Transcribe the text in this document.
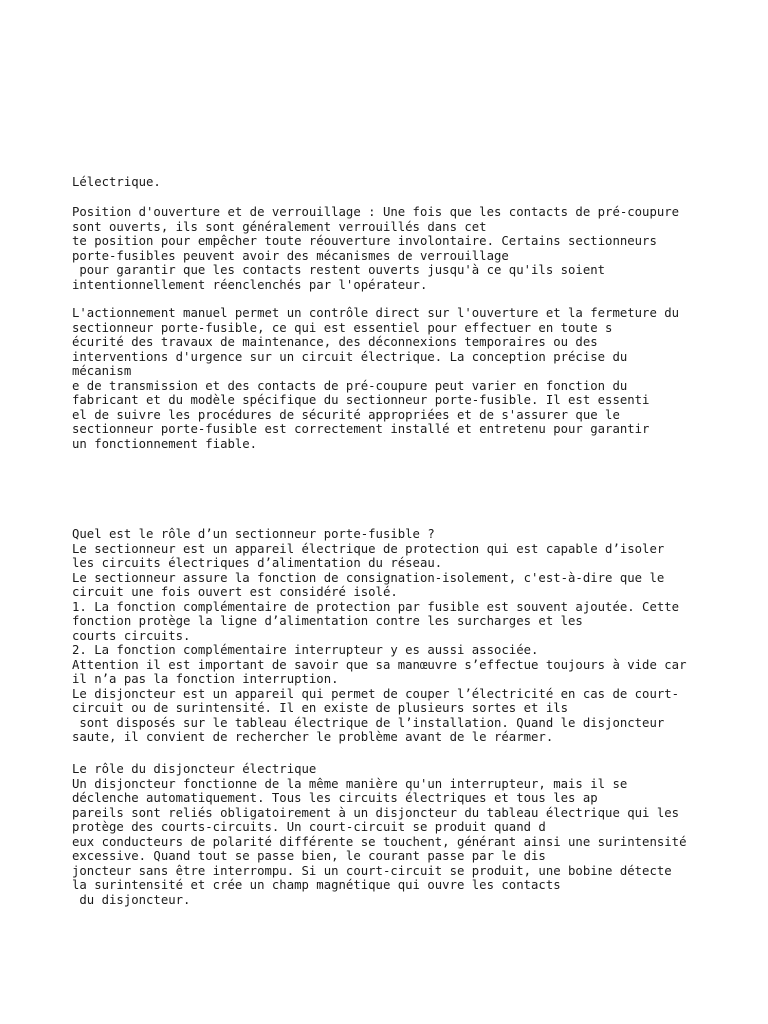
Lélectrique.
Position d'ouverture et de verrouillage : Une fois que les contacts de pré-coupure
sont ouverts, ils sont généralement verrouillés dans cet
te position pour empêcher toute réouverture involontaire. Certains sectionneurs
porte-fusibles peuvent avoir des mécanismes de verrouillage
pour garantir que les contacts restent ouverts jusqu'à ce qu'ils soient
intentionnellement réenclenchés par l'opérateur.
L'actionnement manuel permet un contrôle direct sur l'ouverture et la fermeture du
sectionneur porte-fusible, ce qui est essentiel pour effectuer en toute s
écurité des travaux de maintenance, des déconnexions temporaires ou des
interventions d'urgence sur un circuit électrique. La conception précise du
mécanism
e de transmission et des contacts de pré-coupure peut varier en fonction du
fabricant et du modèle spécifique du sectionneur porte-fusible. Il est essenti
el de suivre les procédures de sécurité appropriées et de s'assurer que le
sectionneur porte-fusible est correctement installé et entretenu pour garantir
un fonctionnement fiable.
Quel est le rôle d’un sectionneur porte-fusible ?
Le sectionneur est un appareil électrique de protection qui est capable d’isoler
les circuits électriques d’alimentation du réseau.
Le sectionneur assure la fonction de consignation-isolement, c'est-à-dire que le
circuit une fois ouvert est considéré isolé.
1. La fonction complémentaire de protection par fusible est souvent ajoutée. Cette
fonction protège la ligne d’alimentation contre les surcharges et les
courts circuits.
2. La fonction complémentaire interrupteur y es aussi associée.
Attention il est important de savoir que sa manœuvre s’effectue toujours à vide car
il n’a pas la fonction interruption.
Le disjoncteur est un appareil qui permet de couper l’électricité en cas de court-
circuit ou de surintensité. Il en existe de plusieurs sortes et ils
sont disposés sur le tableau électrique de l’installation. Quand le disjoncteur
saute, il convient de rechercher le problème avant de le réarmer.
Le rôle du disjoncteur électrique
Un disjoncteur fonctionne de la même manière qu'un interrupteur, mais il se
déclenche automatiquement. Tous les circuits électriques et tous les ap
pareils sont reliés obligatoirement à un disjoncteur du tableau électrique qui les
protège des courts-circuits. Un court-circuit se produit quand d
eux conducteurs de polarité différente se touchent, générant ainsi une surintensité
excessive. Quand tout se passe bien, le courant passe par le dis
joncteur sans être interrompu. Si un court-circuit se produit, une bobine détecte
la surintensité et crée un champ magnétique qui ouvre les contacts
du disjoncteur.
